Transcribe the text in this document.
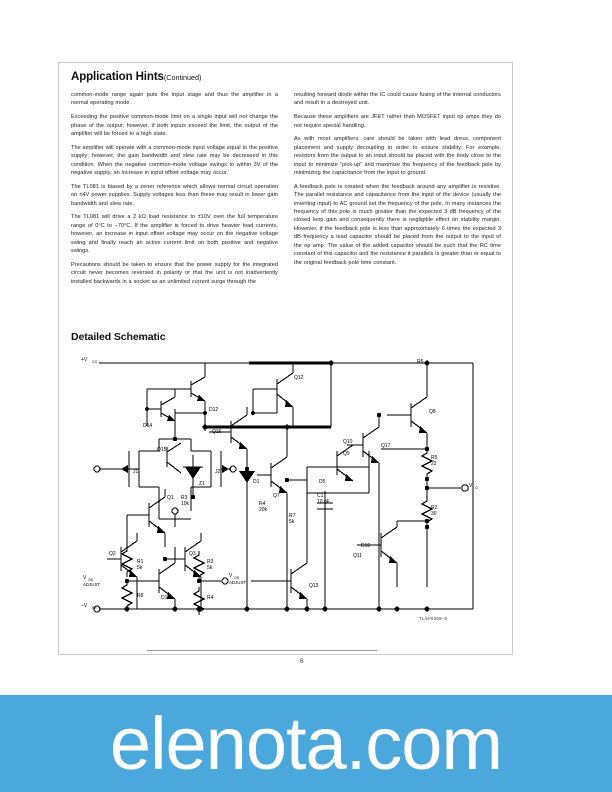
Application Hints(Continued)

common-mode range again puts the input stage and thus the amplifier in a normal operating mode.

Exceeding the positive common-mode limit on a single input will not change the phase of the output; however, if both inputs exceed the limit, the output of the amplifier will be forced to a high state.

The amplifier will operate with a common-mode input voltage equal to the positive supply; however, the gain bandwidth and slew rate may be decreased in this condition. When the negative common-mode voltage swings to within 3V of the negative supply, an increase in input offset voltage may occur.

The TL081 is biased by a zener reference which allows normal circuit operation on ±4V power supplies. Supply voltages less than these may result in lower gain bandwidth and slew rate.

The TL081 will drive a 2 kΩ load resistance to ±10V over the full temperature range of 0°C to −70°C. If the amplifier is forced to drive heavier load currents, however, an increase in input offset voltage may occur on the negative voltage swing and finally reach an active current limit on both positive and negative swings.

Precautions should be taken to ensure that the power supply for the integrated circuit never becomes reversed in polarity or that the unit is not inadvertently installed backwards in a socket as an unlimited current surge through the

resulting forward diode within the IC could cause fusing of the internal conductors and result in a destroyed unit.

Because these amplifiers are JFET rather than MOSFET input op amps they do not require special handling.

As with most amplifiers, care should be taken with lead dress, component placement and supply decoupling in order to ensure stability. For example, resistors from the output to an input should be placed with the body close to the input to minimize “pick-up” and maximize the frequency of the feedback pole by minimizing the capacitance from the input to ground.

A feedback pole is created when the feedback around any amplifier is resistive. The parallel resistance and capacitance from the input of the device (usually the inverting input) to AC ground set the frequency of the pole. In many instances the frequency of this pole is much greater than the expected 3 dB frequency of the closed loop gain and consequently there is negligible effect on stability margin. However, if the feedback pole is less than approximately 6 times the expected 3 dB frequency a lead capacitor should be placed from the output to the input of the op amp. The value of the added capacitor should be such that the RC time constant of this capacitor and the resistance it parallels is greater than or equal to the original feedback pole time constant.

Detailed Schematic
+V CC
−V EE
D12
D14
J1	J2
Q12
Q16
Q15
Z1	D1
Q7
D5
Q9
Q8
Q10
R5
22
R2
30
V O
D10
Q1 R3
10k
Q2	Q3
R1
5k
R3
5k
R8	R4
D18
V OS
ADJUST
V OS
ADJUST	Q13
R4
20k
R7
5k
C1
10 pF
Q17
Q11
R6
TL/H/8359–8
6
elenota.com
